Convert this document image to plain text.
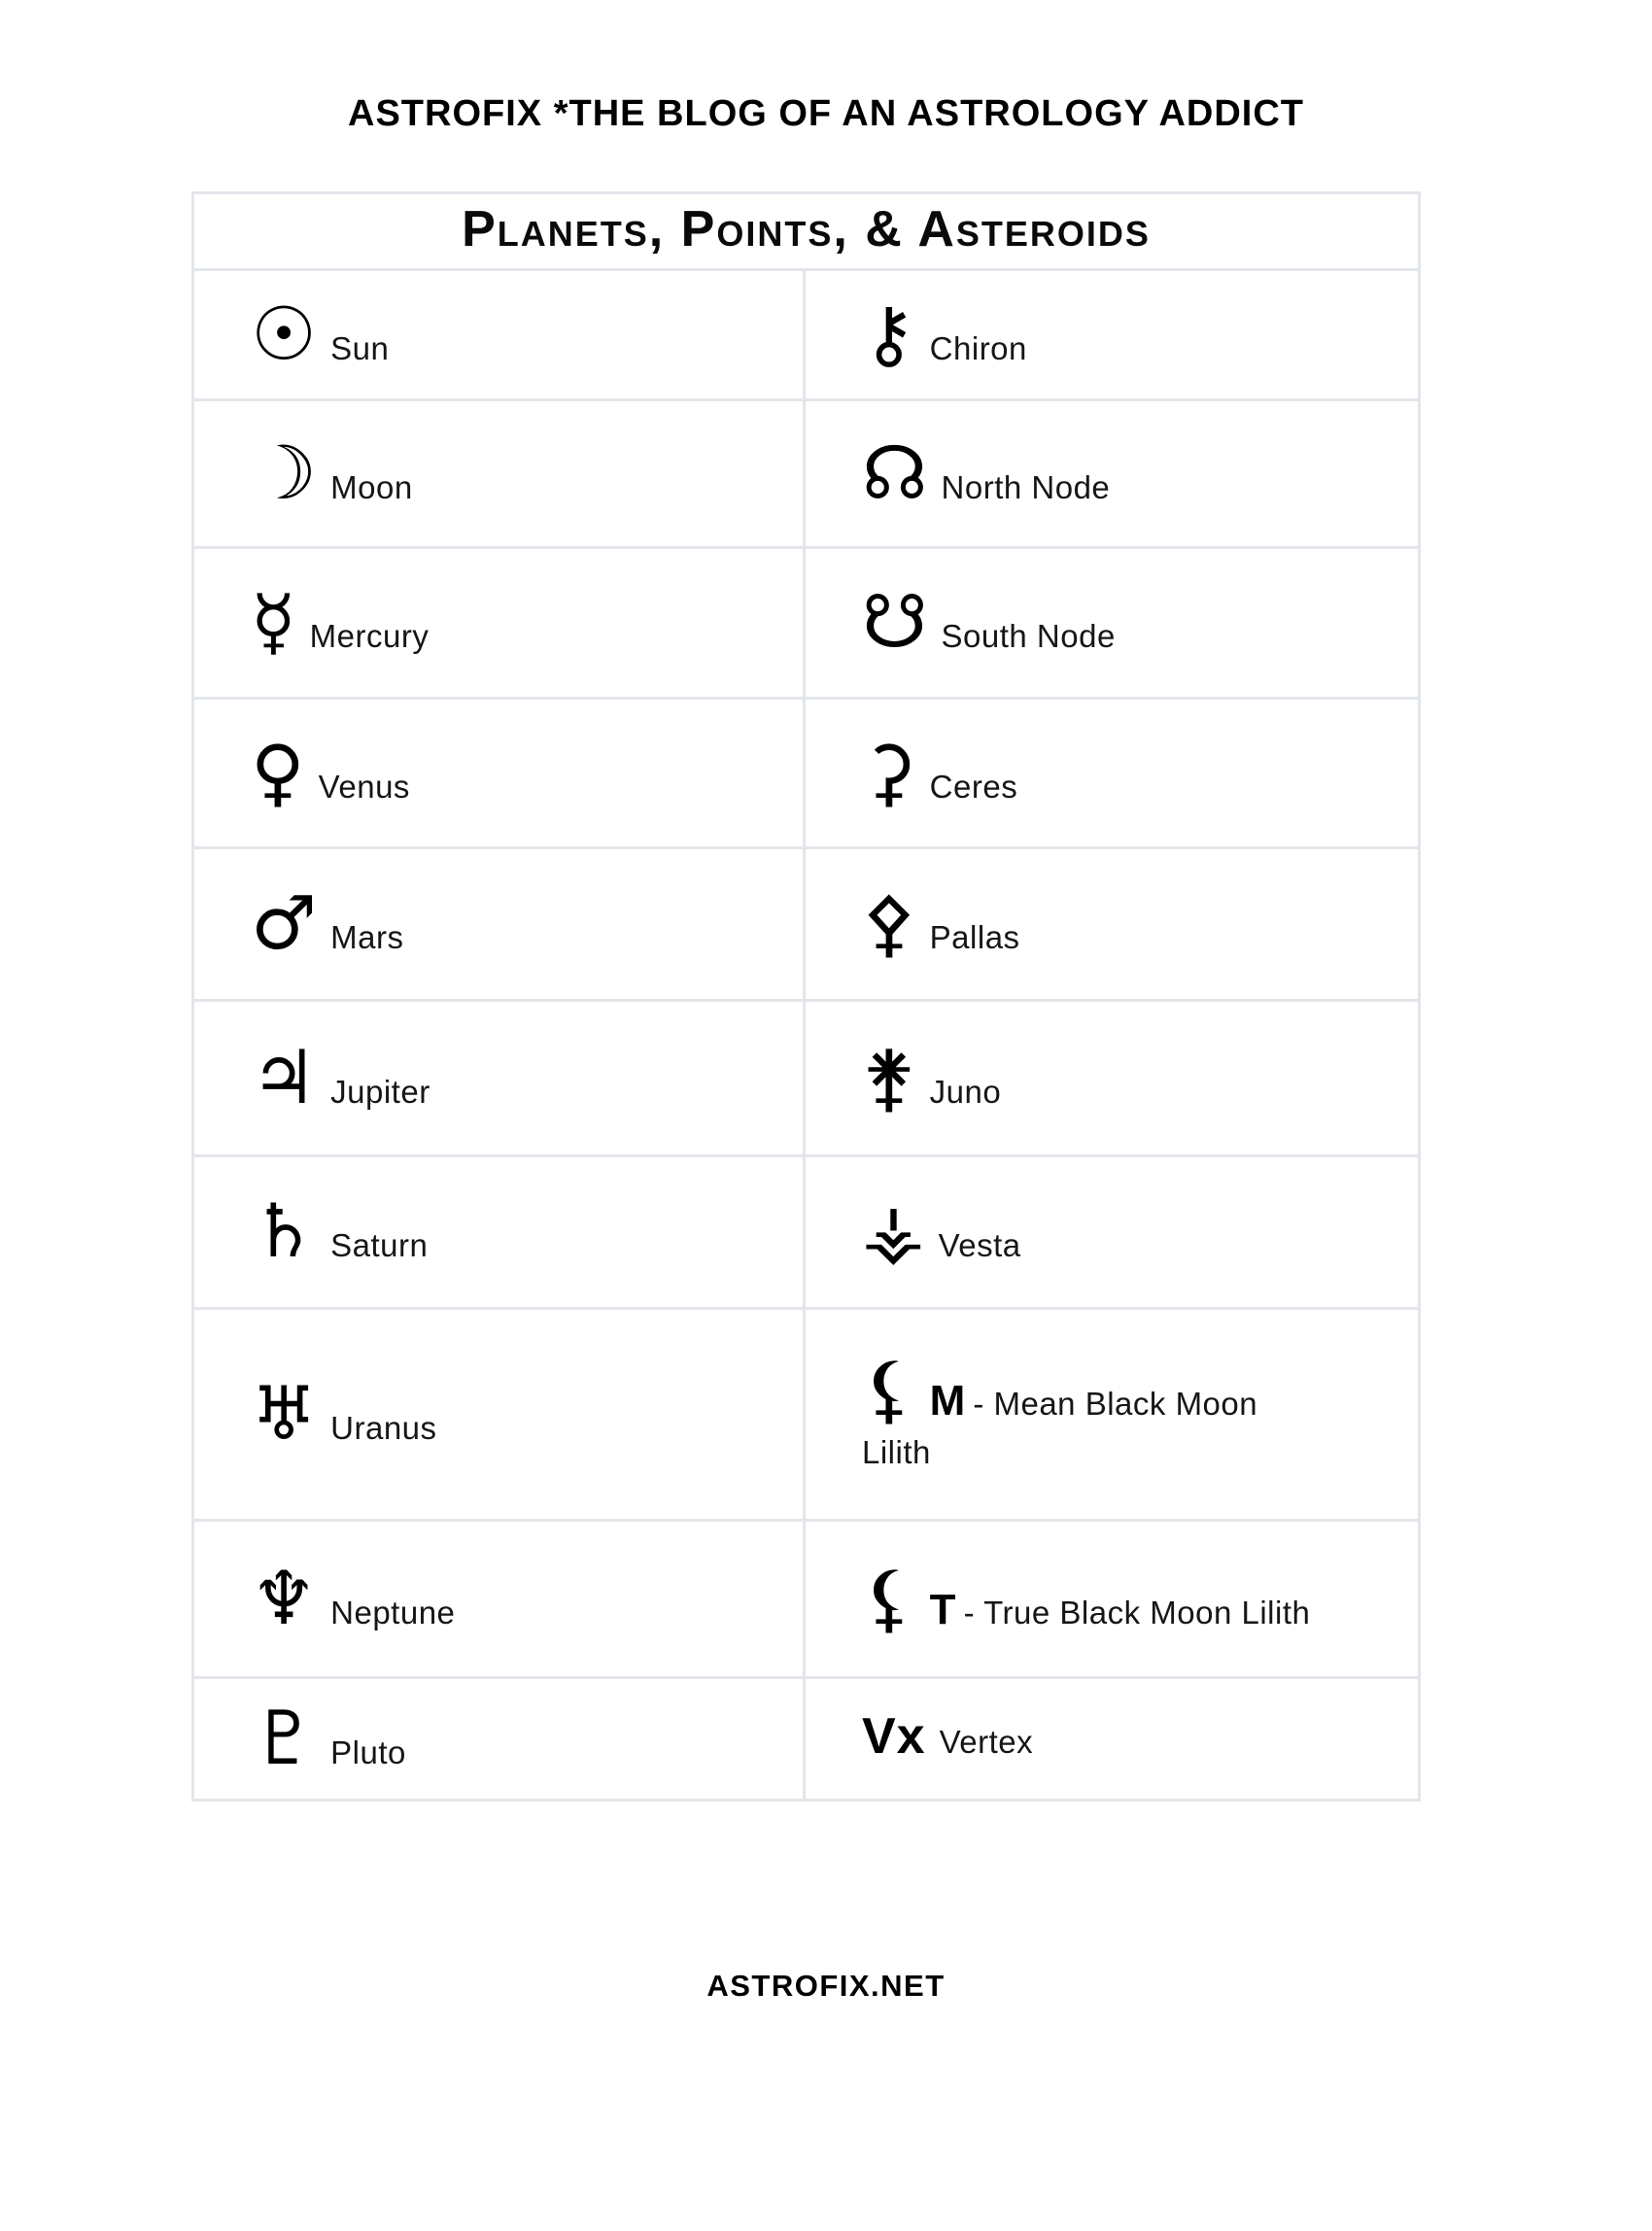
ASTROFIX *THE BLOG OF AN ASTROLOGY ADDICT
Planets, Points, & Asteroids

☉ Sun	⚷ Chiron

☽ Moon	☊ North Node

☿ Mercury	☋ South Node

♀ Venus	⚳ Ceres

♂ Mars	⚴ Pallas

♃ Jupiter	⚵ Juno

♄ Saturn	⚶ Vesta

♅ Uranus	⚸ M - Mean Black Moon Lilith

♆ Neptune	⚸ T - True Black Moon Lilith

♇ Pluto	Vx Vertex

ASTROFIX.NET
